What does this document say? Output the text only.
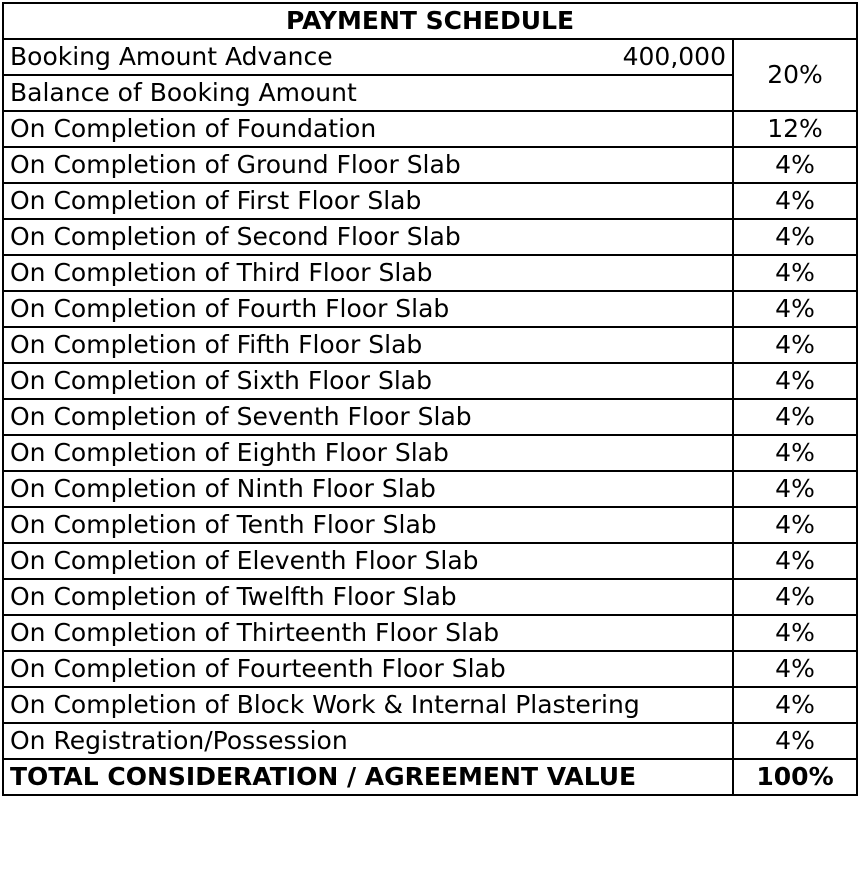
PAYMENT SCHEDULE	
Booking Amount Advance 400,000	20%
Balance of Booking Amount	
On Completion of Foundation	12%
On Completion of Ground Floor Slab	4%
On Completion of First Floor Slab	4%
On Completion of Second Floor Slab	4%
On Completion of Third Floor Slab	4%
On Completion of Fourth Floor Slab	4%
On Completion of Fifth Floor Slab	4%
On Completion of Sixth Floor Slab	4%
On Completion of Seventh Floor Slab	4%
On Completion of Eighth Floor Slab	4%
On Completion of Ninth Floor Slab	4%
On Completion of Tenth Floor Slab	4%
On Completion of Eleventh Floor Slab	4%
On Completion of Twelfth Floor Slab	4%
On Completion of Thirteenth Floor Slab	4%
On Completion of Fourteenth Floor Slab	4%
On Completion of Block Work & Internal Plastering	4%
On Registration/Possession	4%
TOTAL CONSIDERATION / AGREEMENT VALUE	100%
